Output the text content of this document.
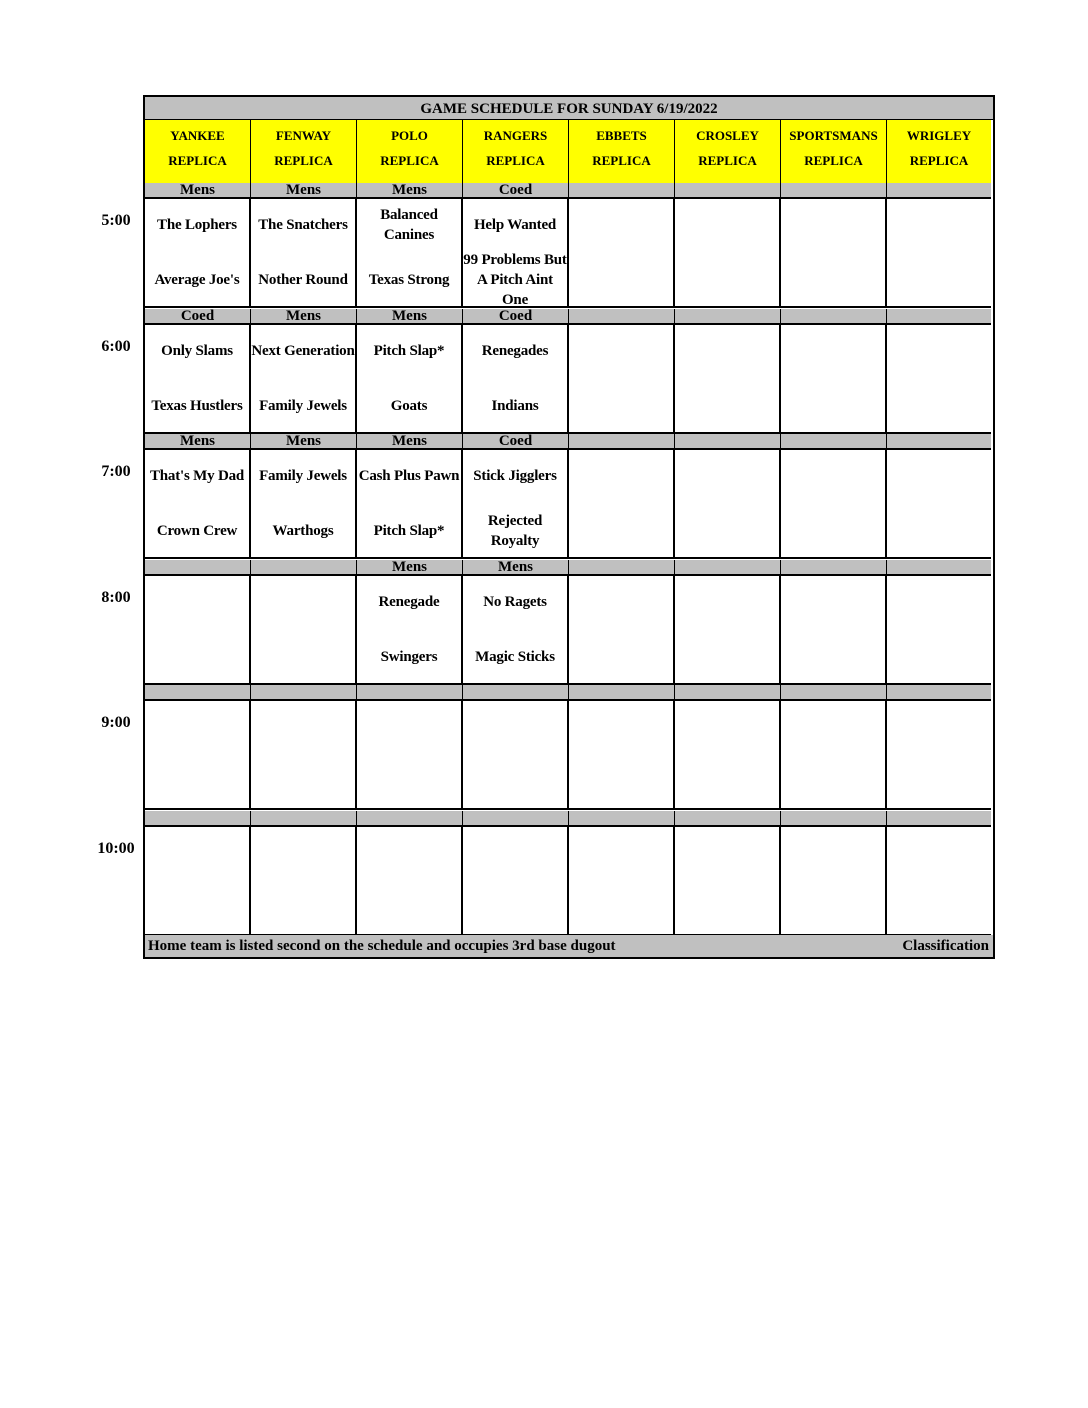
GAME SCHEDULE FOR SUNDAY 6/19/2022
YANKEE
REPLICA
FENWAY
REPLICA
POLO
REPLICA
RANGERS
REPLICA
EBBETS
REPLICA
CROSLEY
REPLICA
SPORTSMANS
REPLICA
WRIGLEY
REPLICA
Mens
The Lophers
Average Joe's
Mens
The Snatchers
Nother Round
Mens
Balanced Canines
Texas Strong
Coed
Help Wanted
99 Problems But A Pitch Aint One
Coed
Only Slams
Texas Hustlers
Mens
Next Generation
Family Jewels
Mens
Pitch Slap*
Goats
Coed
Renegades
Indians
Mens
That's My Dad
Crown Crew
Mens
Family Jewels
Warthogs
Mens
Cash Plus Pawn
Pitch Slap*
Coed
Stick Jigglers
Rejected Royalty
Mens
Renegade
Swingers
Mens
No Ragets
Magic Sticks
Home team is listed second on the schedule and occupies 3rd base dugout	Classification
5:00
6:00
7:00
8:00
9:00
10:00
